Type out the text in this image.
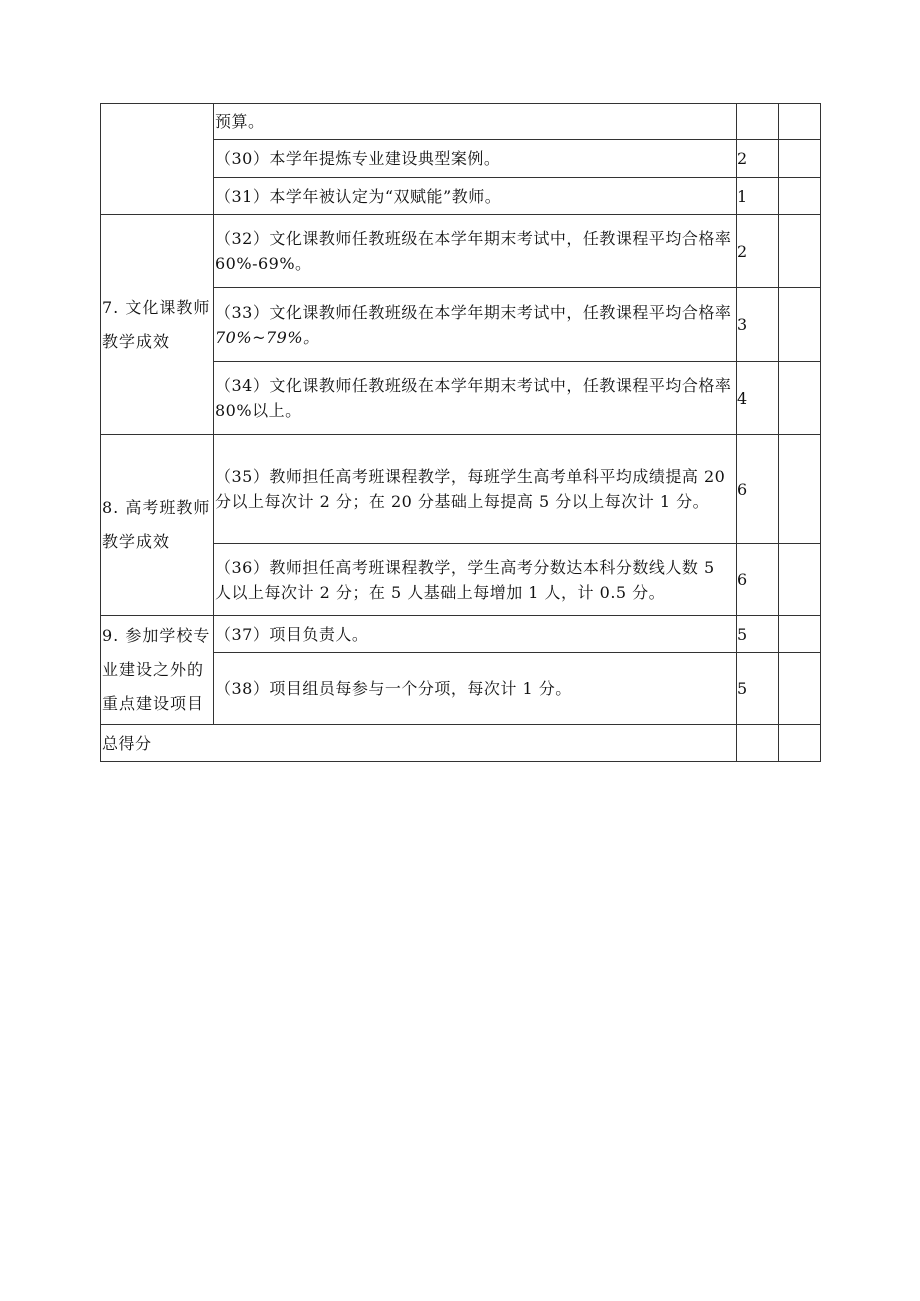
	预算。		
	（30）本学年提炼专业建设典型案例。	2	
	（31）本学年被认定为“双赋能”教师。	1	
7. 文化课教师教学成效	（32）文化课教师任教班级在本学年期末考试中，任教课程平均合格率 60%-69%。	2	
	（33）文化课教师任教班级在本学年期末考试中，任教课程平均合格率 70%~79%。	3	
	（34）文化课教师任教班级在本学年期末考试中，任教课程平均合格率 80%以上。	4	
8. 高考班教师教学成效	（35）教师担任高考班课程教学，每班学生高考单科平均成绩提高 20 分以上每次计 2 分；在 20 分基础上每提高 5 分以上每次计 1 分。	6	
	（36）教师担任高考班课程教学，学生高考分数达本科分数线人数 5 人以上每次计 2 分；在 5 人基础上每增加 1 人，计 0.5 分。	6	
9. 参加学校专业建设之外的重点建设项目	（37）项目负责人。	5	
	（38）项目组员每参与一个分项，每次计 1 分。	5	
总得分			
